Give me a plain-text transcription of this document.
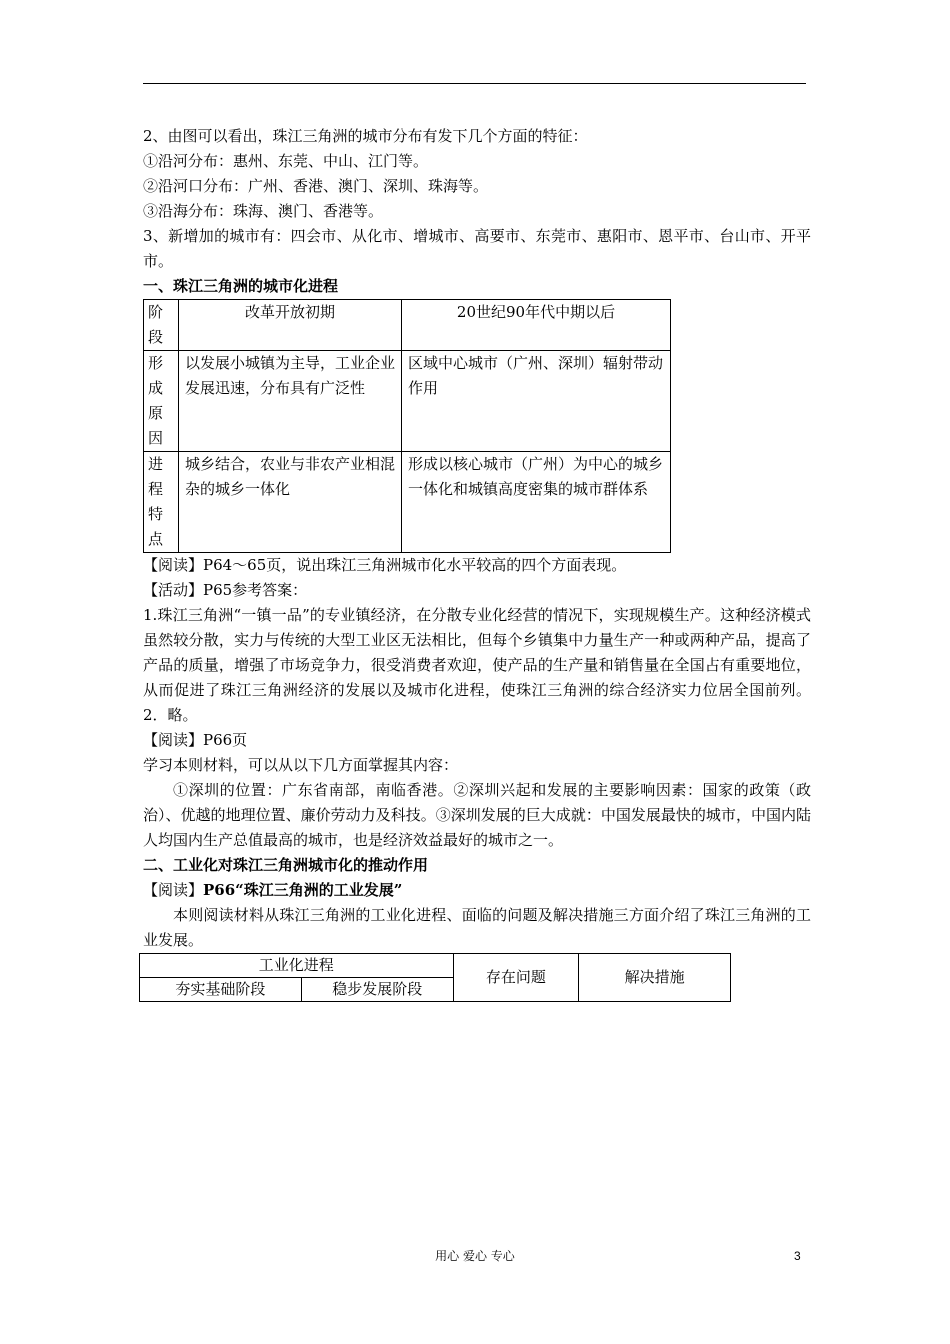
2、由图可以看出，珠江三角洲的城市分布有发下几个方面的特征：
①沿河分布：惠州、东莞、中山、江门等。
②沿河口分布：广州、香港、澳门、深圳、珠海等。
③沿海分布：珠海、澳门、香港等。
3、新增加的城市有：四会市、从化市、增城市、高要市、东莞市、惠阳市、恩平市、台山市、开平市。
一、珠江三角洲的城市化进程
阶段	改革开放初期	20世纪90年代中期以后
形成原因	以发展小城镇为主导，工业企业发展迅速，分布具有广泛性	区域中心城市（广州、深圳）辐射带动作用
进程特点	城乡结合，农业与非农产业相混杂的城乡一体化	形成以核心城市（广州）为中心的城乡一体化和城镇高度密集的城市群体系
【阅读】P64～65页，说出珠江三角洲城市化水平较高的四个方面表现。
【活动】P65参考答案：
1.珠江三角洲“一镇一品”的专业镇经济，在分散专业化经营的情况下，实现规模生产。这种经济模式虽然较分散，实力与传统的大型工业区无法相比，但每个乡镇集中力量生产一种或两种产品，提高了产品的质量，增强了市场竞争力，很受消费者欢迎，使产品的生产量和销售量在全国占有重要地位，从而促进了珠江三角洲经济的发展以及城市化进程，使珠江三角洲的综合经济实力位居全国前列。2．略。
【阅读】P66页
学习本则材料，可以从以下几方面掌握其内容：
①深圳的位置：广东省南部，南临香港。②深圳兴起和发展的主要影响因素：国家的政策（政治）、优越的地理位置、廉价劳动力及科技。③深圳发展的巨大成就：中国发展最快的城市，中国内陆人均国内生产总值最高的城市，也是经济效益最好的城市之一。
二、工业化对珠江三角洲城市化的推动作用
【阅读】P66“珠江三角洲的工业发展”
本则阅读材料从珠江三角洲的工业化进程、面临的问题及解决措施三方面介绍了珠江三角洲的工业发展。
工业化进程		存在问题	解决措施
夯实基础阶段	稳步发展阶段		
用心 爱心 专心	3
